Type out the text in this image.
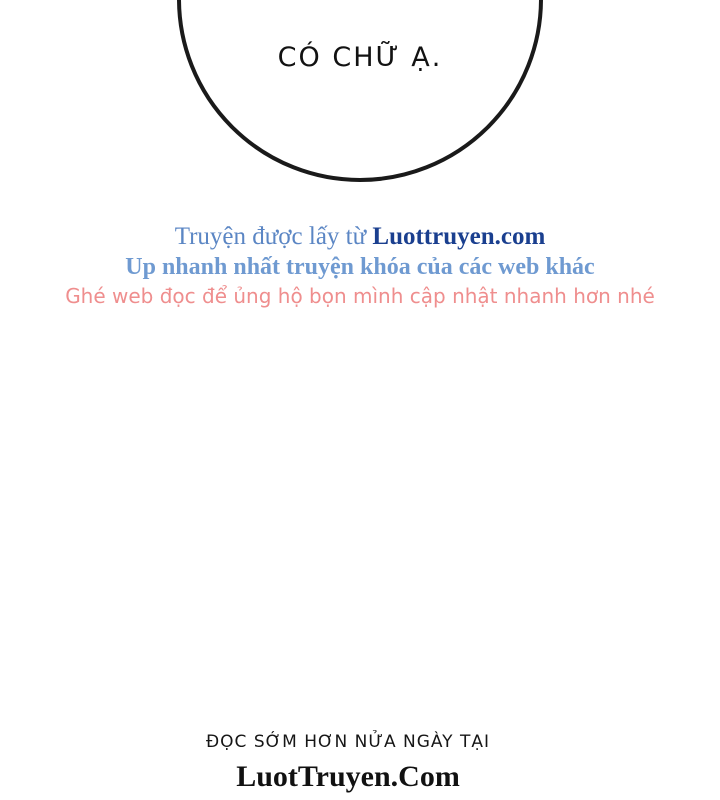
CÓ CHỮ Ạ.
Truyện được lấy từ Luottruyen.com
Up nhanh nhất truyện khóa của các web khác
Ghé web đọc để ủng hộ bọn mình cập nhật nhanh hơn nhé
ĐỌC SỚM HƠN NỬA NGÀY TẠI
LuotTruyen.Com
